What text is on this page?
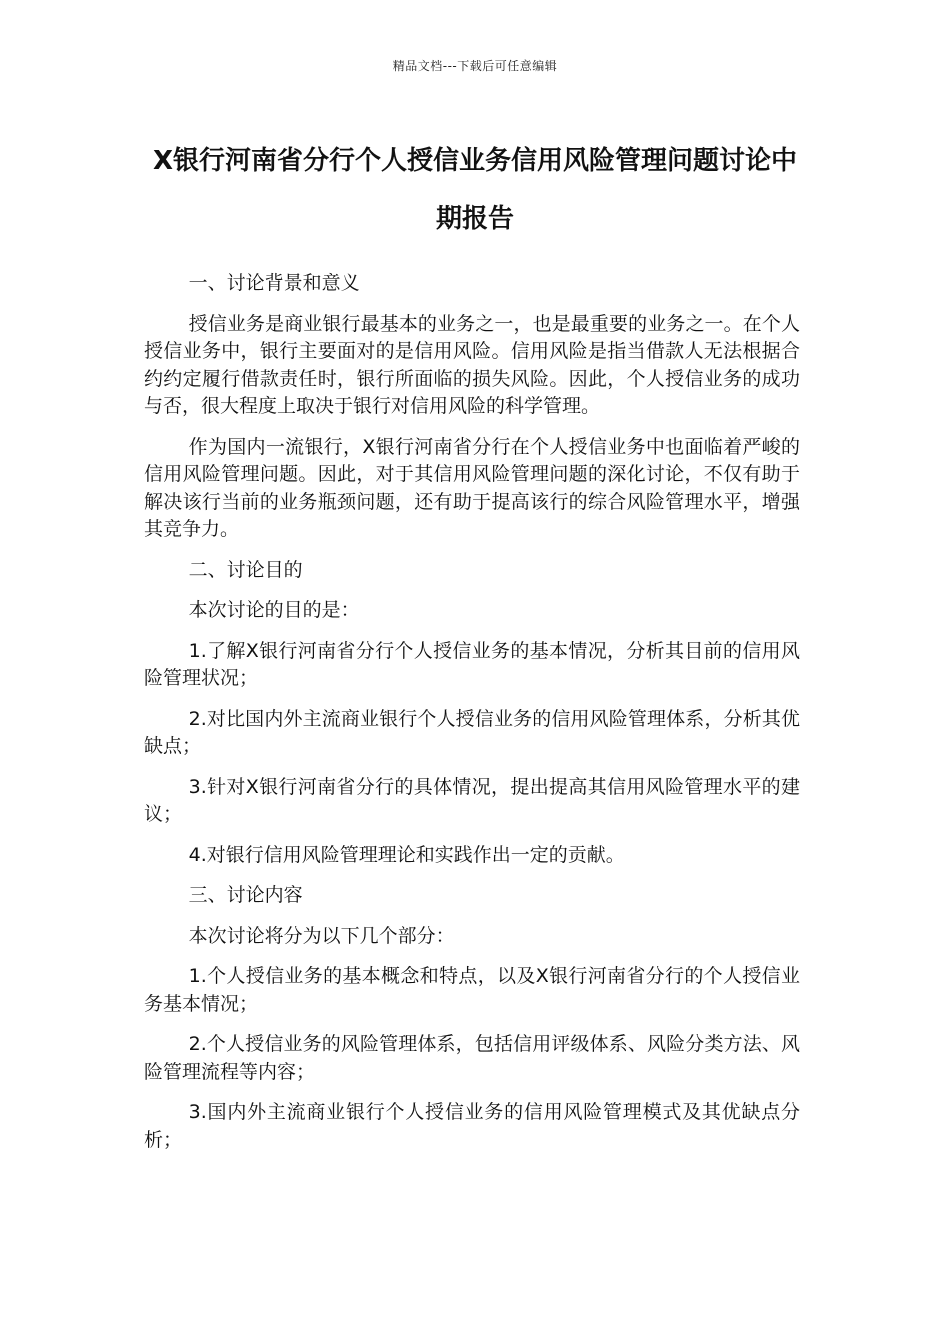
精品文档---下载后可任意编辑
X银行河南省分行个人授信业务信用风险管理问题讨论中期报告

一、讨论背景和意义

授信业务是商业银行最基本的业务之一，也是最重要的业务之一。在个人授信业务中，银行主要面对的是信用风险。信用风险是指当借款人无法根据合约约定履行借款责任时，银行所面临的损失风险。因此，个人授信业务的成功与否，很大程度上取决于银行对信用风险的科学管理。

作为国内一流银行，X银行河南省分行在个人授信业务中也面临着严峻的信用风险管理问题。因此，对于其信用风险管理问题的深化讨论，不仅有助于解决该行当前的业务瓶颈问题，还有助于提高该行的综合风险管理水平，增强其竞争力。

二、讨论目的

本次讨论的目的是：

1.了解X银行河南省分行个人授信业务的基本情况，分析其目前的信用风险管理状况；

2.对比国内外主流商业银行个人授信业务的信用风险管理体系，分析其优缺点；

3.针对X银行河南省分行的具体情况，提出提高其信用风险管理水平的建议；

4.对银行信用风险管理理论和实践作出一定的贡献。

三、讨论内容

本次讨论将分为以下几个部分：

1.个人授信业务的基本概念和特点，以及X银行河南省分行的个人授信业务基本情况；

2.个人授信业务的风险管理体系，包括信用评级体系、风险分类方法、风险管理流程等内容；

3.国内外主流商业银行个人授信业务的信用风险管理模式及其优缺点分析；
